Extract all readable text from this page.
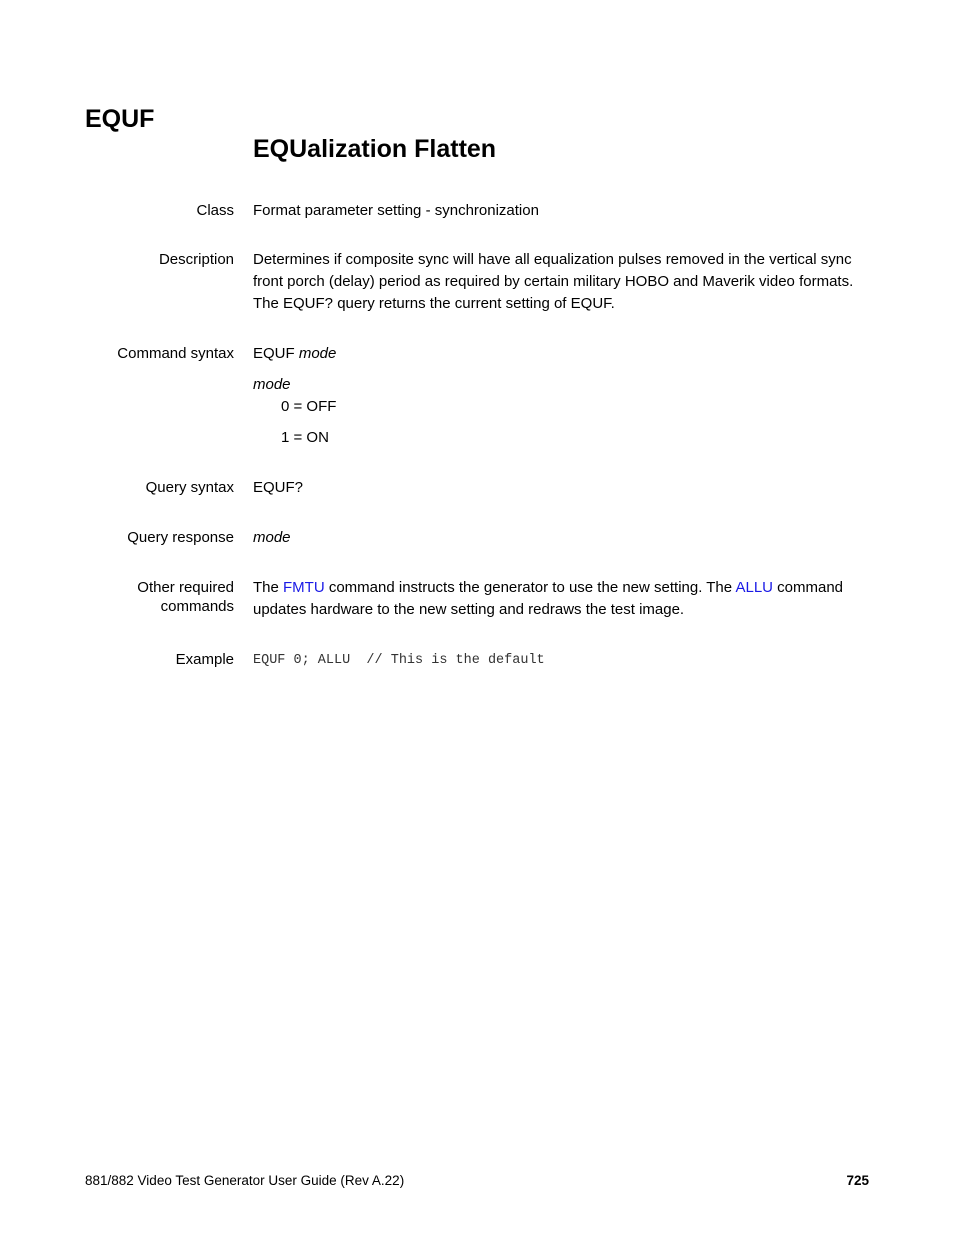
EQUF
EQUalization Flatten
Class Format parameter setting - synchronization
Description Determines if composite sync will have all equalization pulses removed in the vertical sync front porch (delay) period as required by certain military HOBO and Maverik video formats. The EQUF? query returns the current setting of EQUF.
Command syntax EQUF mode
mode
0 = OFF
1 = ON
Query syntax EQUF?
Query response mode
Other required
commands
The FMTU command instructs the generator to use the new setting. The ALLU command updates hardware to the new setting and redraws the test image.
Example EQUF 0; ALLU  // This is the default
881/882 Video Test Generator User Guide (Rev A.22)	725
